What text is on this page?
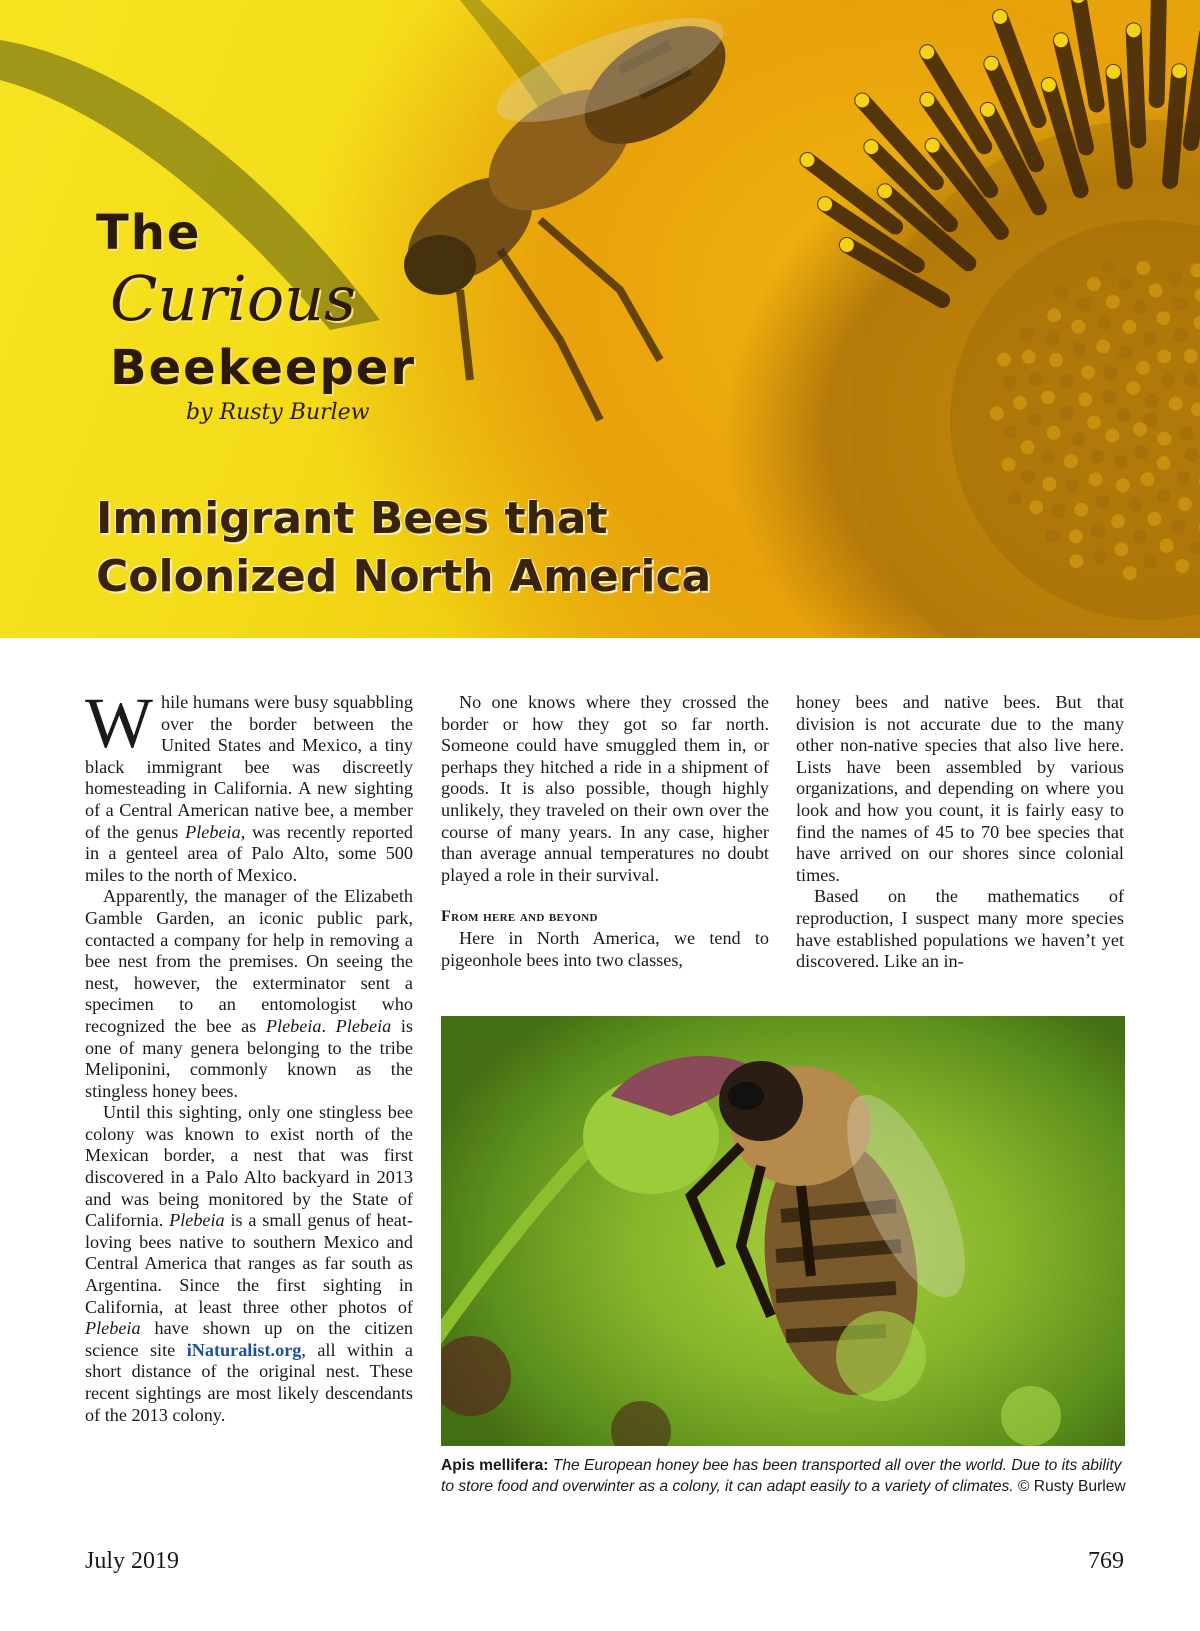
The
Curious
Beekeeper
by Rusty Burlew
Immigrant Bees that
Colonized North America

While humans were busy squabbling over the border between the United States and Mexico, a tiny black immigrant bee was discreetly homesteading in California. A new sighting of a Central American native bee, a member of the genus Plebeia, was recently reported in a genteel area of Palo Alto, some 500 miles to the north of Mexico.

Apparently, the manager of the Elizabeth Gamble Garden, an iconic public park, contacted a company for help in removing a bee nest from the premises. On seeing the nest, however, the exterminator sent a specimen to an entomologist who recognized the bee as Plebeia. Plebeia is one of many genera belonging to the tribe Meliponini, commonly known as the stingless honey bees.

Until this sighting, only one stingless bee colony was known to exist north of the Mexican border, a nest that was first discovered in a Palo Alto backyard in 2013 and was being monitored by the State of California. Plebeia is a small genus of heat-loving bees native to southern Mexico and Central America that ranges as far south as Argentina. Since the first sighting in California, at least three other photos of Plebeia have shown up on the citizen science site iNaturalist.org, all within a short distance of the original nest. These recent sightings are most likely descendants of the 2013 colony.

No one knows where they crossed the border or how they got so far north. Someone could have smuggled them in, or perhaps they hitched a ride in a shipment of goods. It is also possible, though highly unlikely, they traveled on their own over the course of many years. In any case, higher than average annual temperatures no doubt played a role in their survival.

From here and beyond

Here in North America, we tend to pigeonhole bees into two classes,

honey bees and native bees. But that division is not accurate due to the many other non-native species that also live here. Lists have been assembled by various organizations, and depending on where you look and how you count, it is fairly easy to find the names of 45 to 70 bee species that have arrived on our shores since colonial times.

Based on the mathematics of reproduction, I suspect many more species have established populations we haven’t yet discovered. Like an in-

Apis mellifera: The European honey bee has been transported all over the world. Due to its ability to store food and overwinter as a colony, it can adapt easily to a variety of climates. © Rusty Burlew
July 2019	769
